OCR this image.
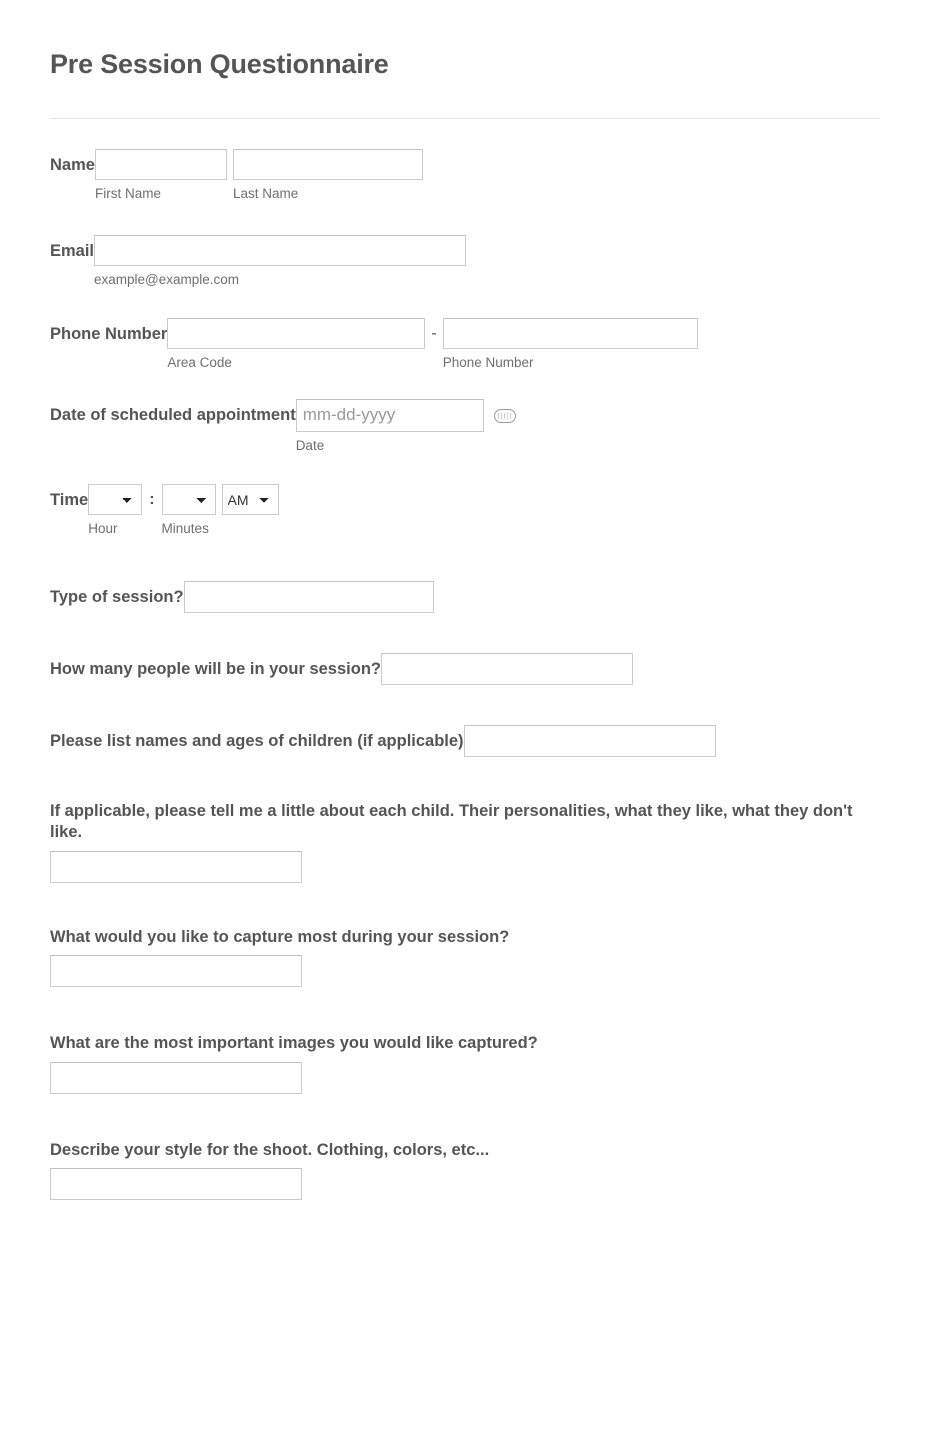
Pre Session Questionnaire
Name
First Name	Last Name
Email
example@example.com
Phone Number
Area Code
-
Phone Number
Date of scheduled appointment
mm-dd-yyyy
Date
Time
Hour
:
Minutes
AM
Type of session?
How many people will be in your session?
Please list names and ages of children (if applicable)
If applicable, please tell me a little about each child. Their personalities, what they like, what they don't like.
What would you like to capture most during your session?
What are the most important images you would like captured?
Describe your style for the shoot. Clothing, colors, etc...
